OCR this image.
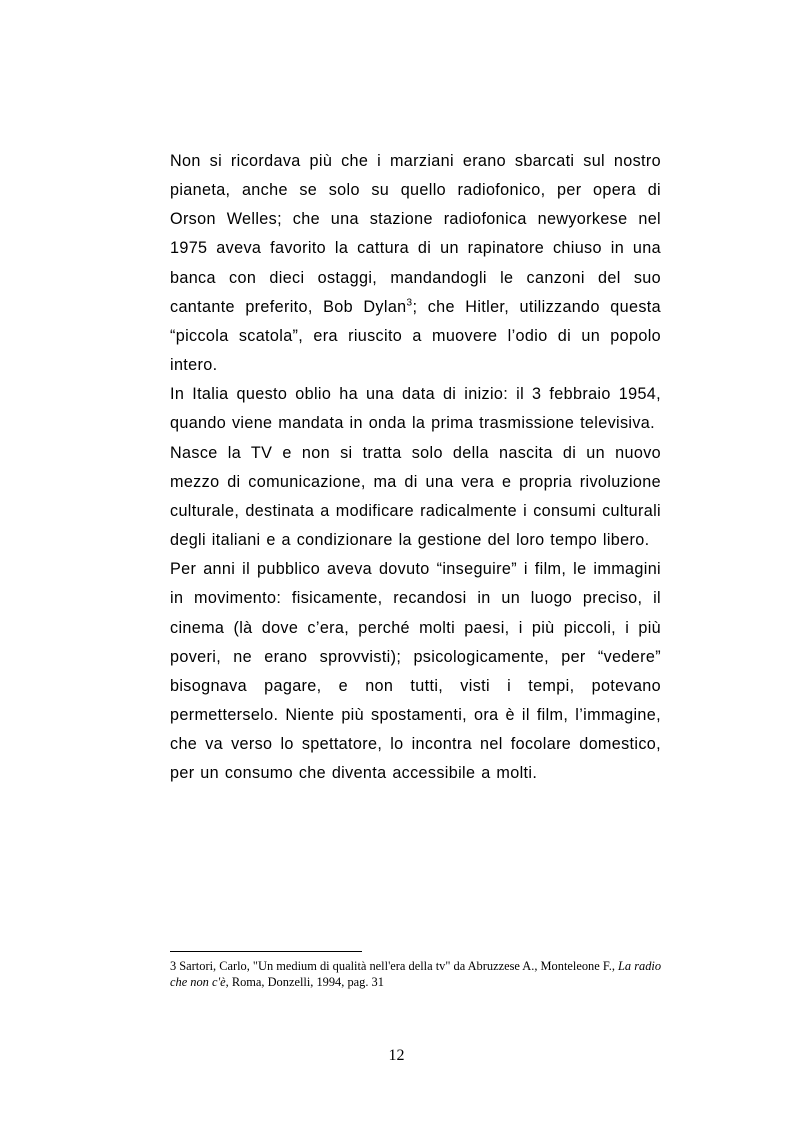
Non si ricordava più che i marziani erano sbarcati sul nostro pianeta, anche se solo su quello radiofonico, per opera di Orson Welles; che una stazione radiofonica newyorkese nel 1975 aveva favorito la cattura di un rapinatore chiuso in una banca con dieci ostaggi, mandandogli le canzoni del suo cantante preferito, Bob Dylan$^3$; che Hitler, utilizzando questa “piccola scatola”, era riuscito a muovere l’odio di un popolo intero.

In Italia questo oblio ha una data di inizio: il 3 febbraio 1954, quando viene mandata in onda la prima trasmissione televisiva.

Nasce la TV e non si tratta solo della nascita di un nuovo mezzo di comunicazione, ma di una vera e propria rivoluzione culturale, destinata a modificare radicalmente i consumi culturali degli italiani e a condizionare la gestione del loro tempo libero.

Per anni il pubblico aveva dovuto “inseguire” i film, le immagini in movimento: fisicamente, recandosi in un luogo preciso, il cinema (là dove c’era, perché molti paesi, i più piccoli, i più poveri, ne erano sprovvisti); psicologicamente, per “vedere” bisognava pagare, e non tutti, visti i tempi, potevano permetterselo. Niente più spostamenti, ora è il film, l’immagine, che va verso lo spettatore, lo incontra nel focolare domestico, per un consumo che diventa accessibile a molti.

3 Sartori, Carlo, "Un medium di qualità nell'era della tv" da Abruzzese A., Monteleone F., La radio che non c'è, Roma, Donzelli, 1994, pag. 31

12
